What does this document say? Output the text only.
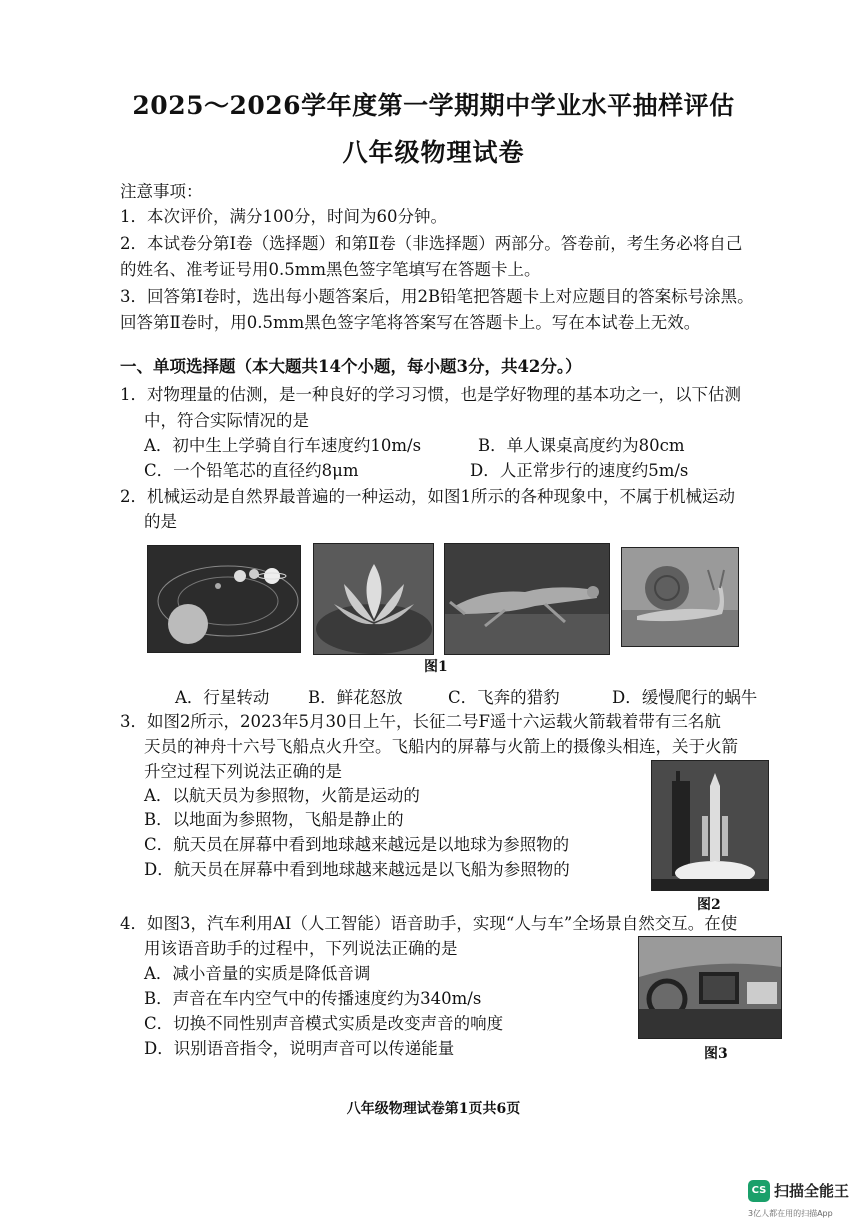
2025～2026学年度第一学期期中学业水平抽样评估
八年级物理试卷
注意事项：
1．本次评价，满分100分，时间为60分钟。
2．本试卷分第Ⅰ卷（选择题）和第Ⅱ卷（非选择题）两部分。答卷前，考生务必将自己
的姓名、准考证号用0.5mm黑色签字笔填写在答题卡上。
3．回答第Ⅰ卷时，选出每小题答案后，用2B铅笔把答题卡上对应题目的答案标号涂黑。
回答第Ⅱ卷时，用0.5mm黑色签字笔将答案写在答题卡上。写在本试卷上无效。
一、单项选择题（本大题共14个小题，每小题3分，共42分。）
1．对物理量的估测，是一种良好的学习习惯，也是学好物理的基本功之一，以下估测
中，符合实际情况的是
A．初中生上学骑自行车速度约10m/s	B．单人课桌高度约为80cm
C．一个铅笔芯的直径约8μm	D．人正常步行的速度约5m/s
2．机械运动是自然界最普遍的一种运动，如图1所示的各种现象中，不属于机械运动
的是
图1
A．行星转动 B．鲜花怒放	C．飞奔的猎豹	D．缓慢爬行的蜗牛
3．如图2所示，2023年5月30日上午，长征二号F遥十六运载火箭载着带有三名航
天员的神舟十六号飞船点火升空。飞船内的屏幕与火箭上的摄像头相连，关于火箭
升空过程下列说法正确的是
A．以航天员为参照物，火箭是运动的
B．以地面为参照物，飞船是静止的
C．航天员在屏幕中看到地球越来越远是以地球为参照物的
D．航天员在屏幕中看到地球越来越远是以飞船为参照物的
图2
4．如图3，汽车利用AI（人工智能）语音助手，实现“人与车”全场景自然交互。在使
用该语音助手的过程中，下列说法正确的是
A．减小音量的实质是降低音调
B．声音在车内空气中的传播速度约为340m/s
C．切换不同性别声音模式实质是改变声音的响度
D．识别语音指令，说明声音可以传递能量	图3
八年级物理试卷第1页共6页
CS 扫描全能王
3亿人都在用的扫描App
